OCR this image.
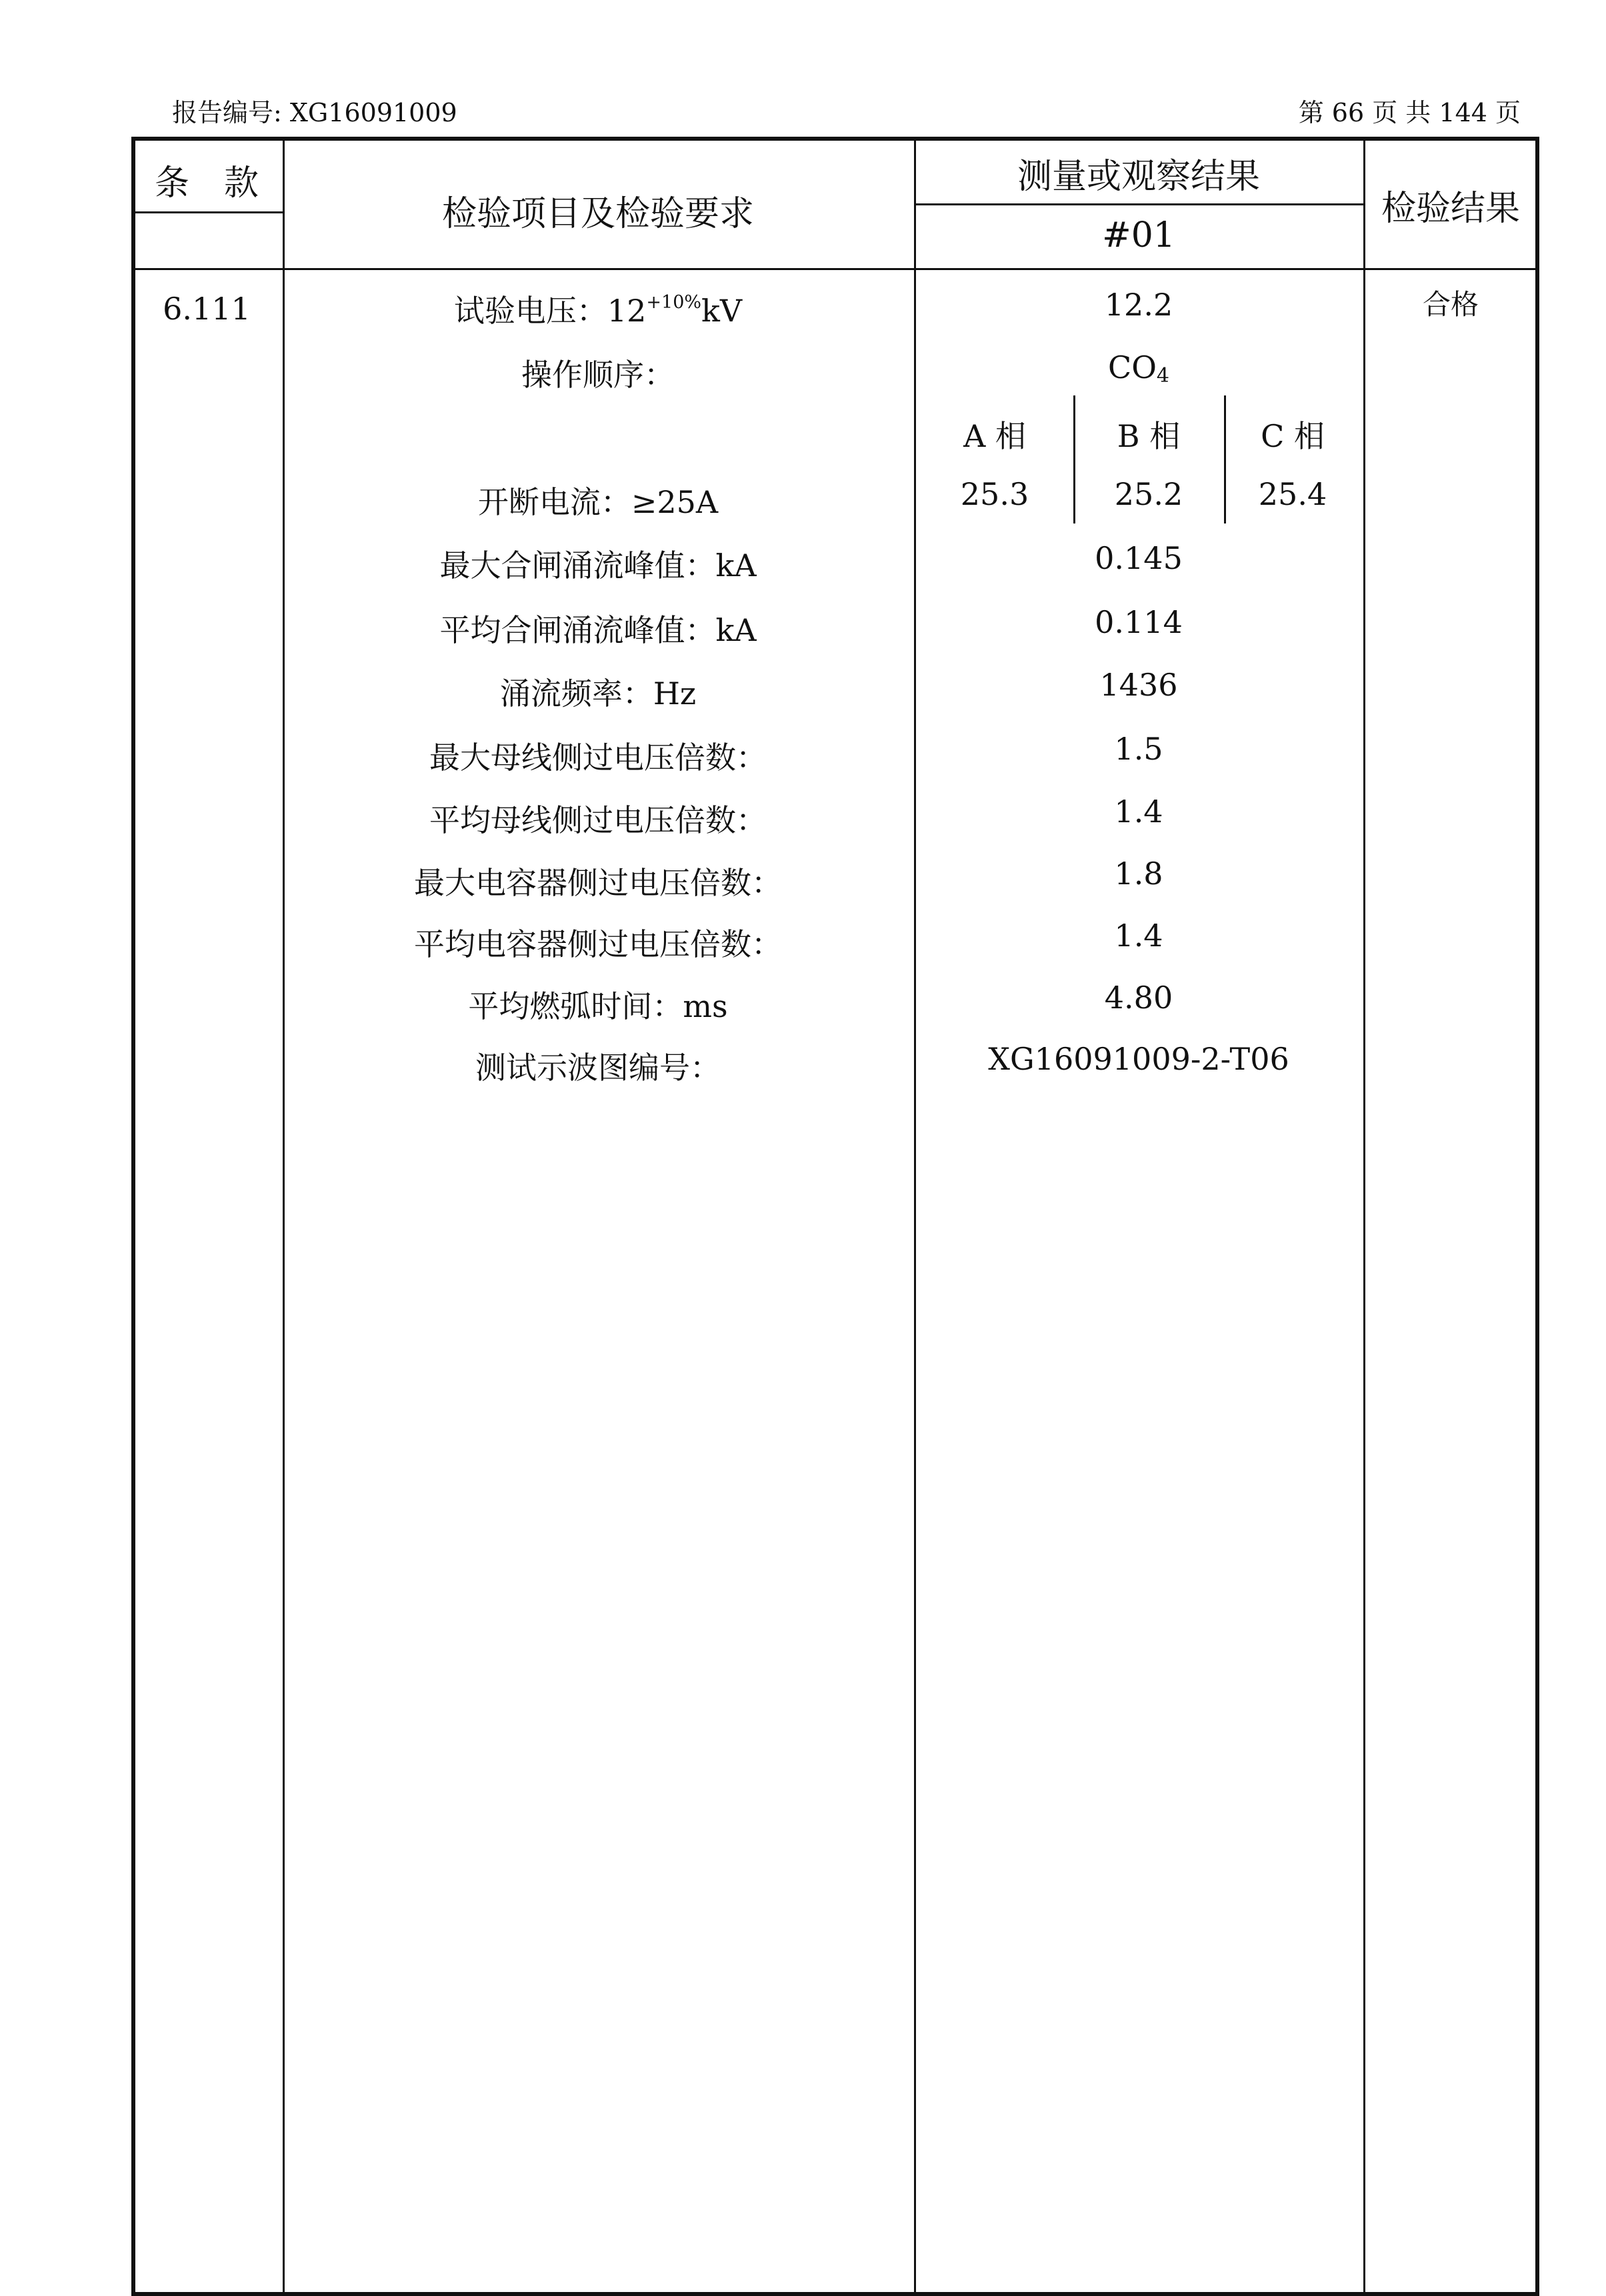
报告编号: XG16091009	第 66 页 共 144 页
条　款
检验项目及检验要求
测量或观察结果
#01
检验结果
6.111	合格
试验电压：$12^{+10\%}kV$	12.2
操作顺序：	$CO_4$
A 相	B 相	C 相
开断电流：≥25A	25.3	25.2 25.4
最大合闸涌流峰值：kA	0.145
平均合闸涌流峰值：kA	0.114
涌流频率：Hz	1436
最大母线侧过电压倍数：	1.5
平均母线侧过电压倍数：	1.4
最大电容器侧过电压倍数：	1.8
平均电容器侧过电压倍数：	1.4
平均燃弧时间：ms	4.80
测试示波图编号：	XG16091009-2-T06
